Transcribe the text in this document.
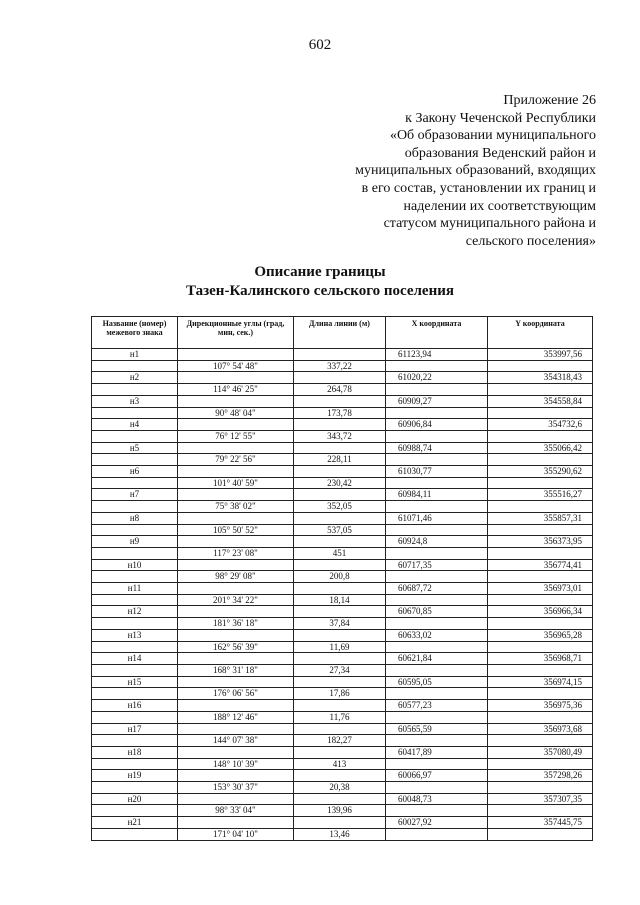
602
Приложение 26
к Закону Чеченской Республики
«Об образовании муниципального
образования Веденский район и
муниципальных образований, входящих
в его состав, установлении их границ и
наделении их соответствующим
статусом муниципального района и
сельского поселения»
Описание границы
Тазен-Калинского сельского поселения
Название (номер) межевого знака	Дирекционные углы (град, мин, сек.)	Длина линии (м)	X координата	Y координата
н1			61123,94	353997,56
	107° 54' 48"	337,22		
н2			61020,22	354318,43
	114° 46' 25"	264,78		
н3			60909,27	354558,84
	90° 48' 04"	173,78		
н4			60906,84	354732,6
	76° 12' 55"	343,72		
н5			60988,74	355066,42
	79° 22' 56"	228,11		
н6			61030,77	355290,62
	101° 40' 59"	230,42		
н7			60984,11	355516,27
	75° 38' 02"	352,05		
н8			61071,46	355857,31
	105° 50' 52"	537,05		
н9			60924,8	356373,95
	117° 23' 08"	451		
н10			60717,35	356774,41
	98° 29' 08"	200,8		
н11			60687,72	356973,01
	201° 34' 22"	18,14		
н12			60670,85	356966,34
	181° 36' 18"	37,84		
н13			60633,02	356965,28
	162° 56' 39"	11,69		
н14			60621,84	356968,71
	168° 31' 18"	27,34		
н15			60595,05	356974,15
	176° 06' 56"	17,86		
н16			60577,23	356975,36
	188° 12' 46"	11,76		
н17			60565,59	356973,68
	144° 07' 38"	182,27		
н18			60417,89	357080,49
	148° 10' 39"	413		
н19			60066,97	357298,26
	153° 30' 37"	20,38		
н20			60048,73	357307,35
	98° 33' 04"	139,96		
н21			60027,92	357445,75
	171° 04' 10"	13,46		
